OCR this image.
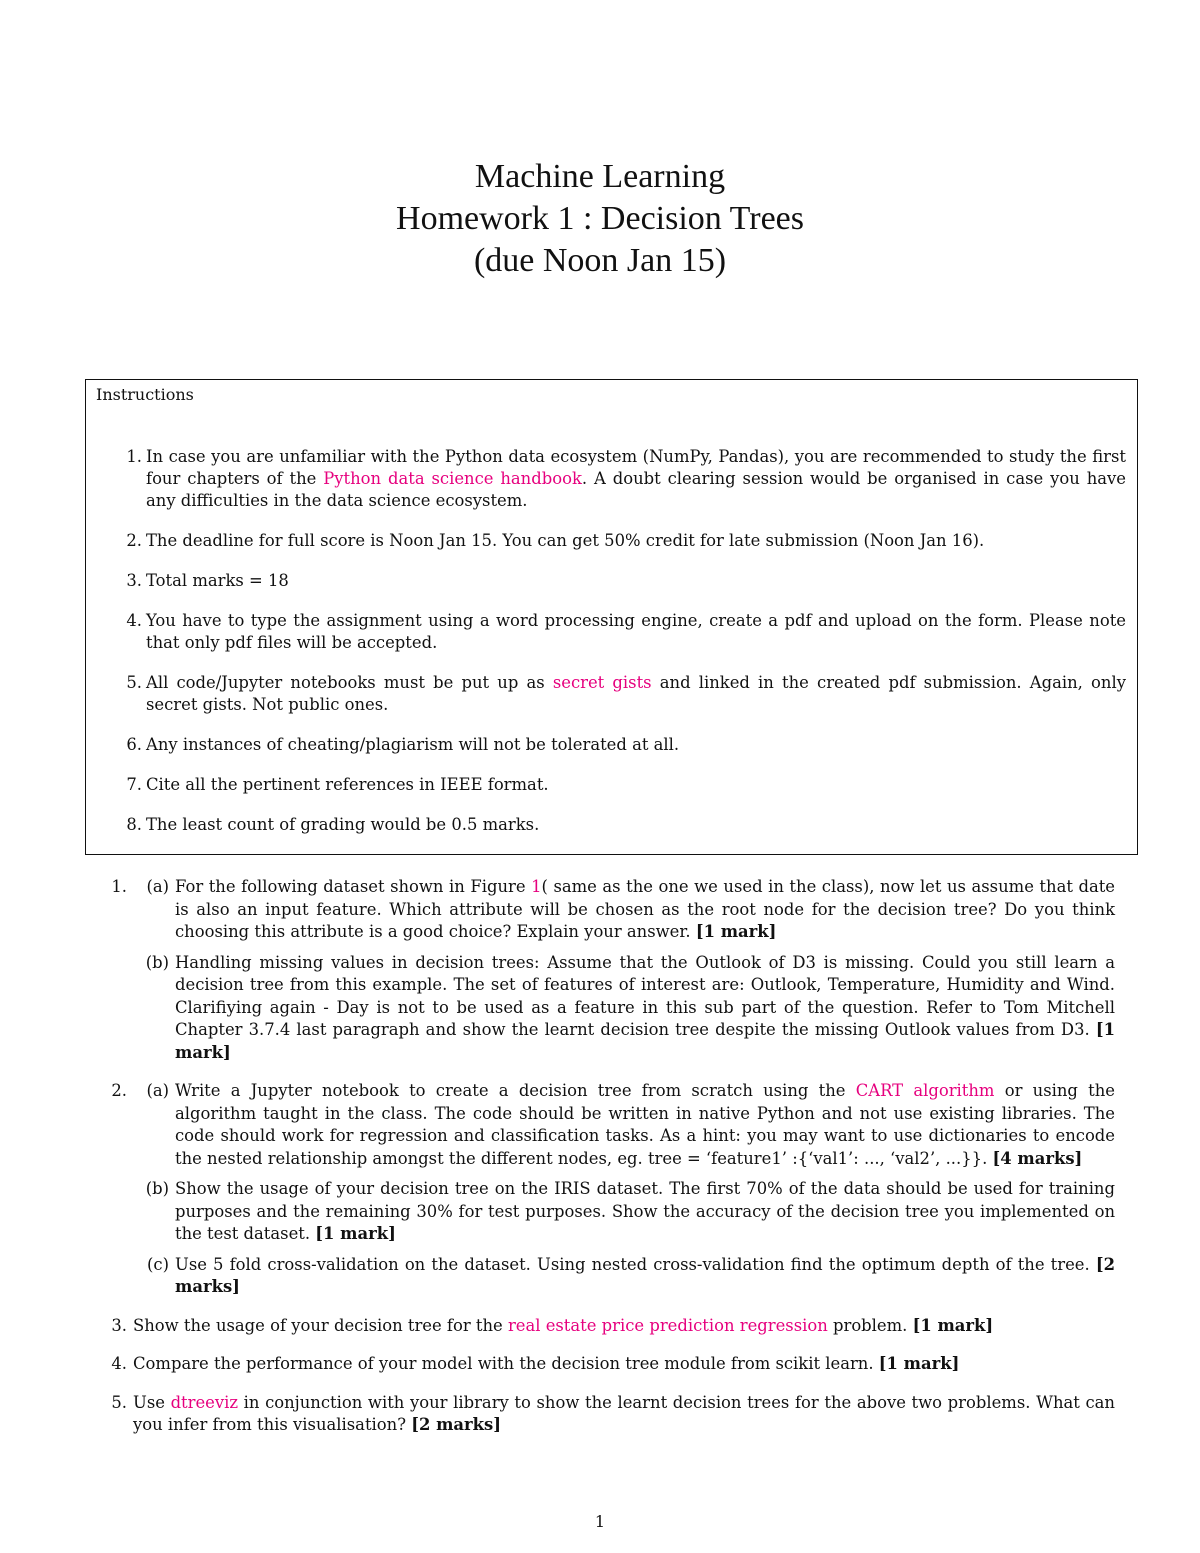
Machine Learning
Homework 1 : Decision Trees
(due Noon Jan 15)
Instructions
1. In case you are unfamiliar with the Python data ecosystem (NumPy, Pandas), you are recommended to study the first four chapters of the Python data science handbook. A doubt clearing session would be organised in case you have any difficulties in the data science ecosystem.
2. The deadline for full score is Noon Jan 15. You can get 50% credit for late submission (Noon Jan 16).
3. Total marks = 18
4. You have to type the assignment using a word processing engine, create a pdf and upload on the form. Please note that only pdf files will be accepted.
5. All code/Jupyter notebooks must be put up as secret gists and linked in the created pdf submission. Again, only secret gists. Not public ones.
6. Any instances of cheating/plagiarism will not be tolerated at all.
7. Cite all the pertinent references in IEEE format.
8. The least count of grading would be 0.5 marks.
1.	(a) For the following dataset shown in Figure 1( same as the one we used in the class), now let us assume that date is also an input feature. Which attribute will be chosen as the root node for the decision tree? Do you think choosing this attribute is a good choice? Explain your answer. [1 mark]
(b) Handling missing values in decision trees: Assume that the Outlook of D3 is missing. Could you still learn a decision tree from this example. The set of features of interest are: Outlook, Temperature, Humidity and Wind. Clarifiying again - Day is not to be used as a feature in this sub part of the question. Refer to Tom Mitchell Chapter 3.7.4 last paragraph and show the learnt decision tree despite the missing Outlook values from D3. [1 mark]
2.	(a) Write a Jupyter notebook to create a decision tree from scratch using the CART algorithm or using the algorithm taught in the class. The code should be written in native Python and not use existing libraries. The code should work for regression and classification tasks. As a hint: you may want to use dictionaries to encode the nested relationship amongst the different nodes, eg. tree = ‘feature1’ :{‘val1’: ..., ‘val2’, ...}}. [4 marks]
(b) Show the usage of your decision tree on the IRIS dataset. The first 70% of the data should be used for training purposes and the remaining 30% for test purposes. Show the accuracy of the decision tree you implemented on the test dataset. [1 mark]
(c) Use 5 fold cross-validation on the dataset. Using nested cross-validation find the optimum depth of the tree. [2 marks]
3. Show the usage of your decision tree for the real estate price prediction regression problem. [1 mark]
4. Compare the performance of your model with the decision tree module from scikit learn. [1 mark]
5. Use dtreeviz in conjunction with your library to show the learnt decision trees for the above two problems. What can you infer from this visualisation? [2 marks]
1
